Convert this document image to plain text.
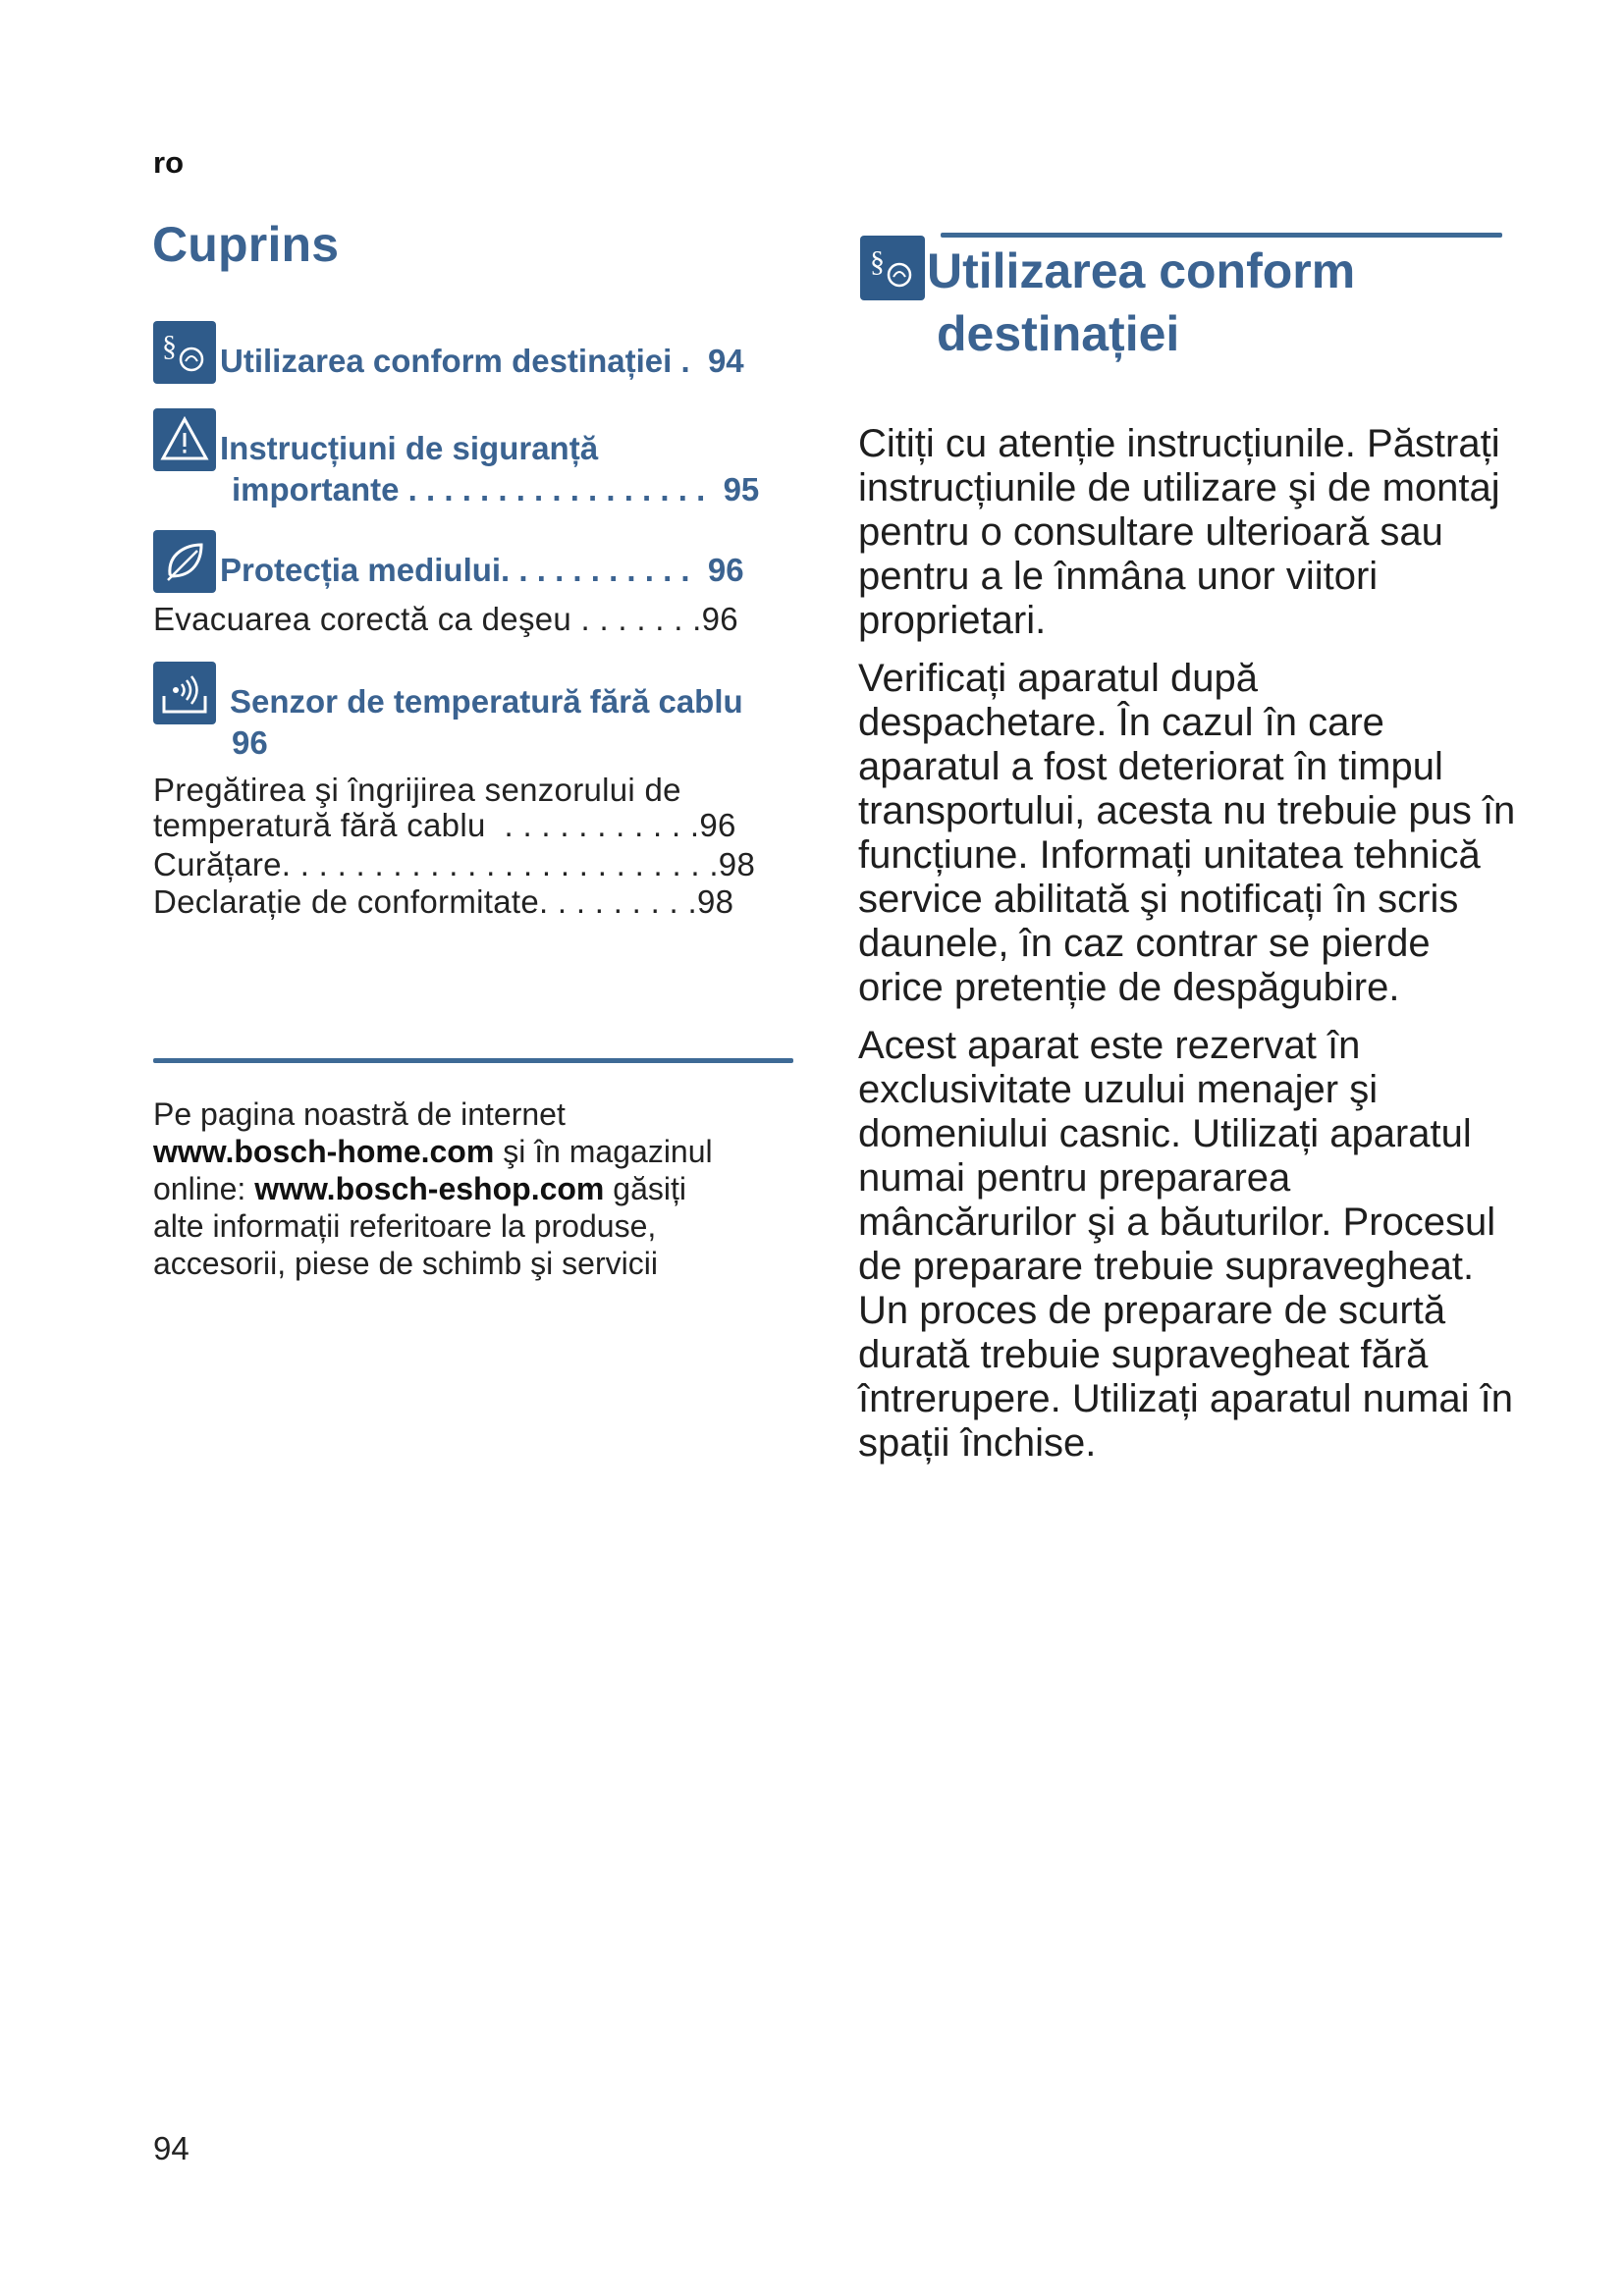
ro
Cuprins
§ Utilizarea conform destinației .  94
Instrucțiuni de siguranță
importante . . . . . . . . . . . . . . . . .  95
Protecția mediului. . . . . . . . . . .  96
Evacuarea corectă ca deşeu . . . . . . .96
Senzor de temperatură fără cablu
96
Pregătirea şi îngrijirea senzorului de
temperatură fără cablu  . . . . . . . . . . .96
Curățare. . . . . . . . . . . . . . . . . . . . . . . .98
Declarație de conformitate. . . . . . . . .98
Pe pagina noastră de internet
www.bosch-home.com şi în magazinul
online: www.bosch-eshop.com găsiți
alte informații referitoare la produse,
accesorii, piese de schimb şi servicii
§ Utilizarea conform
destinației

Citiți cu atenție instrucțiunile. Păstrați instrucțiunile de utilizare şi de montaj pentru o consultare ulterioară sau pentru a le înmâna unor viitori proprietari.

Verificați aparatul după despachetare. În cazul în care aparatul a fost deteriorat în timpul transportului, acesta nu trebuie pus în funcțiune. Informați unitatea tehnică service abilitată şi notificați în scris daunele, în caz contrar se pierde orice pretenție de despăgubire.

Acest aparat este rezervat în exclusivitate uzului menajer şi domeniului casnic. Utilizați aparatul numai pentru prepararea mâncărurilor şi a băuturilor. Procesul de preparare trebuie supravegheat. Un proces de preparare de scurtă durată trebuie supravegheat fără întrerupere. Utilizați aparatul numai în spații închise.

94
